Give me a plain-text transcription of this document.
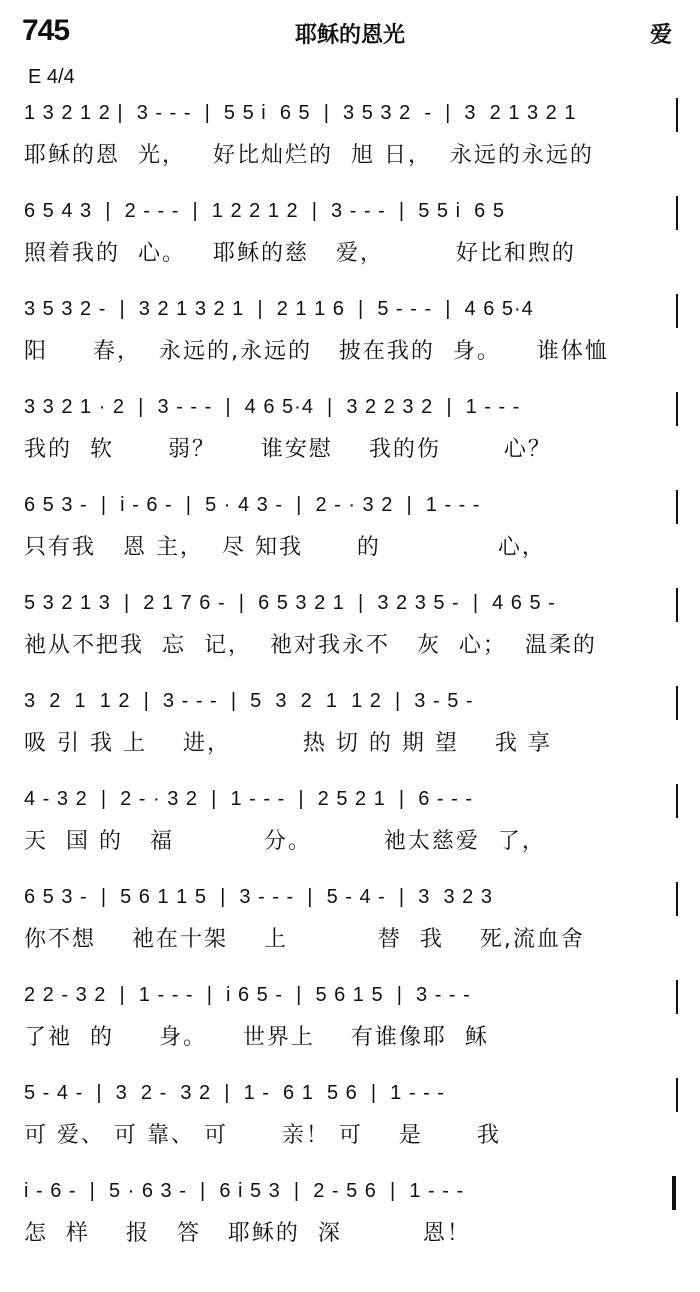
745	耶稣的恩光	爱
E 4/4
1 3 2 1 2 |  3 - - -  |  5 5 i  6 5  |  3 5 3 2  -  |  3  2 1 3 2 1
耶稣的恩  光，   好比灿烂的  旭 日，  永远的永远的
6 5 4 3  |  2 - - -  |  1 2 2 1 2  |  3 - - -  |  5 5 i  6 5
照着我的  心。   耶稣的慈   爱，        好比和煦的
3 5 3 2 -  |  3 2 1 3 2 1  |  2 1 1 6  |  5 - - -  |  4 6 5·4
阳     春，  永远的,永远的   披在我的  身。    谁体恤
3 3 2 1 · 2  |  3 - - -  |  4 6 5·4  |  3 2 2 3 2  |  1 - - -
我的  软      弱？     谁安慰    我的伤       心？
6 5 3 -  |  i - 6 -  |  5 · 4 3 -  |  2 - · 3 2  |  1 - - -
只有我   恩 主，  尽 知我      的             心，
5 3 2 1 3  |  2 1 7 6 -  |  6 5 3 2 1  |  3 2 3 5 -  |  4 6 5 -
祂从不把我  忘  记，  祂对我永不   灰  心；  温柔的
3  2  1  1 2  |  3 - - -  |  5  3  2  1  1 2  |  3 - 5 -
吸 引 我 上    进，        热 切 的 期 望    我 享
4 - 3 2  |  2 - · 3 2  |  1 - - -  |  2 5 2 1  |  6 - - -
天  国 的   福          分。        祂太慈爱  了，
6 5 3 -  |  5 6 1 1 5  |  3 - - -  |  5 - 4 -  |  3  3 2 3
你不想    祂在十架    上          替  我    死,流血舍
2 2 - 3 2  |  1 - - -  |  i 6 5 -  |  5 6 1 5  |  3 - - -
了祂  的     身。    世界上    有谁像耶  稣
5 - 4 -  |  3  2 -  3 2  |  1 -  6 1  5 6  |  1 - - -
可 爱、 可 靠、 可      亲！ 可    是      我
i - 6 -  |  5 · 6 3 -  |  6 i 5 3  |  2 - 5 6  |  1 - - -
怎  样    报   答   耶稣的  深         恩！
